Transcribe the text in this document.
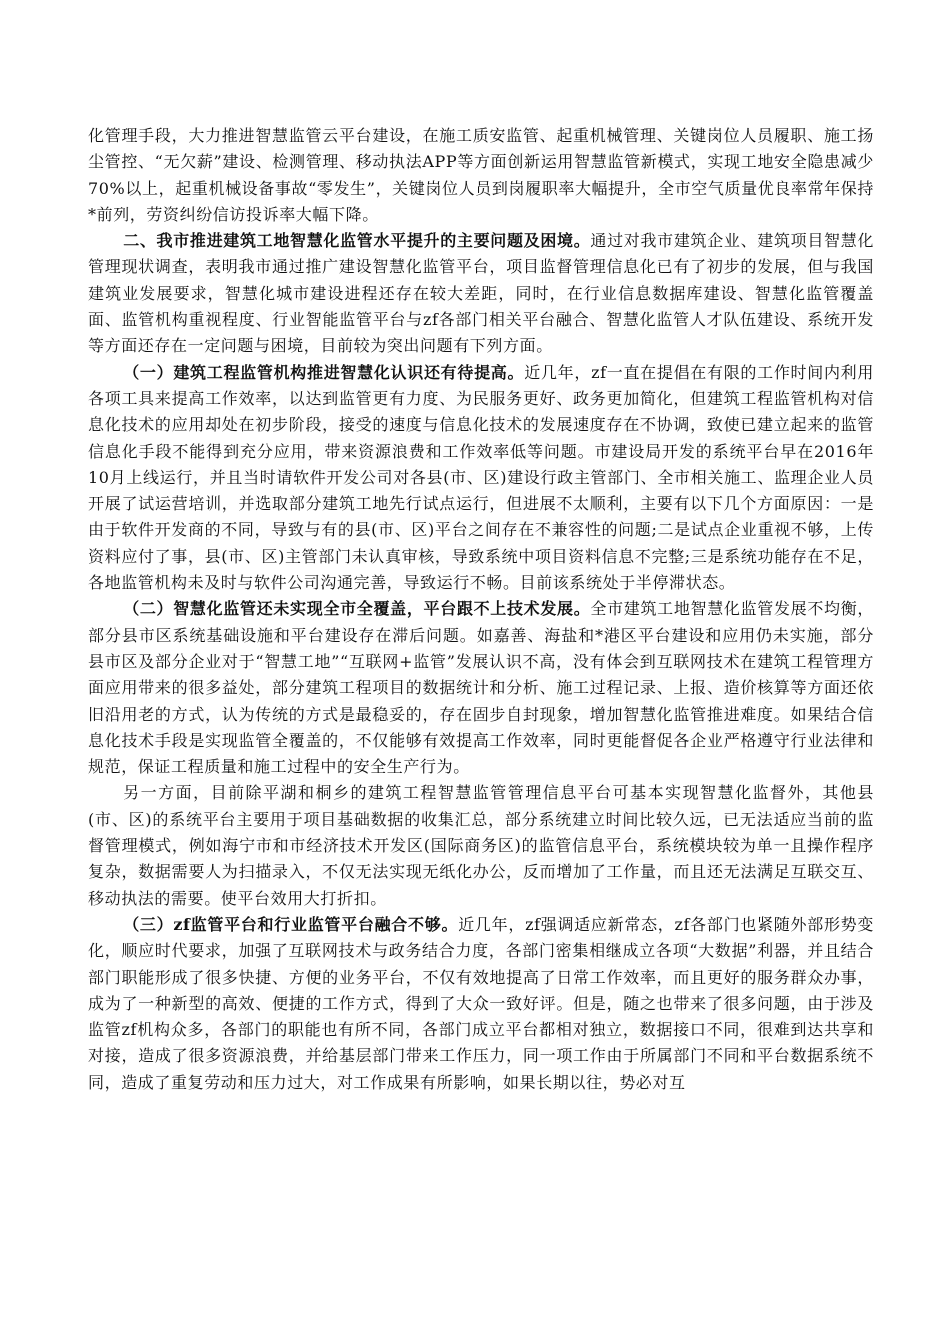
化管理手段，大力推进智慧监管云平台建设，在施工质安监管、起重机械管理、关键岗位人员履职、施工扬尘管控、“无欠薪”建设、检测管理、移动执法APP等方面创新运用智慧监管新模式，实现工地安全隐患减少70%以上，起重机械设备事故“零发生”，关键岗位人员到岗履职率大幅提升，全市空气质量优良率常年保持*前列，劳资纠纷信访投诉率大幅下降。

二、我市推进建筑工地智慧化监管水平提升的主要问题及困境。通过对我市建筑企业、建筑项目智慧化管理现状调查，表明我市通过推广建设智慧化监管平台，项目监督管理信息化已有了初步的发展，但与我国建筑业发展要求，智慧化城市建设进程还存在较大差距，同时，在行业信息数据库建设、智慧化监管覆盖面、监管机构重视程度、行业智能监管平台与zf各部门相关平台融合、智慧化监管人才队伍建设、系统开发等方面还存在一定问题与困境，目前较为突出问题有下列方面。

（一）建筑工程监管机构推进智慧化认识还有待提高。近几年，zf一直在提倡在有限的工作时间内利用各项工具来提高工作效率，以达到监管更有力度、为民服务更好、政务更加简化，但建筑工程监管机构对信息化技术的应用却处在初步阶段，接受的速度与信息化技术的发展速度存在不协调，致使已建立起来的监管信息化手段不能得到充分应用，带来资源浪费和工作效率低等问题。市建设局开发的系统平台早在2016年10月上线运行，并且当时请软件开发公司对各县(市、区)建设行政主管部门、全市相关施工、监理企业人员开展了试运营培训，并选取部分建筑工地先行试点运行，但进展不太顺利，主要有以下几个方面原因：一是由于软件开发商的不同，导致与有的县(市、区)平台之间存在不兼容性的问题;二是试点企业重视不够，上传资料应付了事，县(市、区)主管部门未认真审核，导致系统中项目资料信息不完整;三是系统功能存在不足，各地监管机构未及时与软件公司沟通完善，导致运行不畅。目前该系统处于半停滞状态。

（二）智慧化监管还未实现全市全覆盖，平台跟不上技术发展。全市建筑工地智慧化监管发展不均衡，部分县市区系统基础设施和平台建设存在滞后问题。如嘉善、海盐和*港区平台建设和应用仍未实施，部分县市区及部分企业对于“智慧工地”“互联网+监管”发展认识不高，没有体会到互联网技术在建筑工程管理方面应用带来的很多益处，部分建筑工程项目的数据统计和分析、施工过程记录、上报、造价核算等方面还依旧沿用老的方式，认为传统的方式是最稳妥的，存在固步自封现象，增加智慧化监管推进难度。如果结合信息化技术手段是实现监管全覆盖的，不仅能够有效提高工作效率，同时更能督促各企业严格遵守行业法律和规范，保证工程质量和施工过程中的安全生产行为。

另一方面，目前除平湖和桐乡的建筑工程智慧监管管理信息平台可基本实现智慧化监督外，其他县(市、区)的系统平台主要用于项目基础数据的收集汇总，部分系统建立时间比较久远，已无法适应当前的监督管理模式，例如海宁市和市经济技术开发区(国际商务区)的监管信息平台，系统模块较为单一且操作程序复杂，数据需要人为扫描录入，不仅无法实现无纸化办公，反而增加了工作量，而且还无法满足互联交互、移动执法的需要。使平台效用大打折扣。

（三）zf监管平台和行业监管平台融合不够。近几年，zf强调适应新常态，zf各部门也紧随外部形势变化，顺应时代要求，加强了互联网技术与政务结合力度，各部门密集相继成立各项“大数据”利器，并且结合部门职能形成了很多快捷、方便的业务平台，不仅有效地提高了日常工作效率，而且更好的服务群众办事，成为了一种新型的高效、便捷的工作方式，得到了大众一致好评。但是，随之也带来了很多问题，由于涉及监管zf机构众多，各部门的职能也有所不同，各部门成立平台都相对独立，数据接口不同，很难到达共享和对接，造成了很多资源浪费，并给基层部门带来工作压力，同一项工作由于所属部门不同和平台数据系统不同，造成了重复劳动和压力过大，对工作成果有所影响，如果长期以往，势必对互
